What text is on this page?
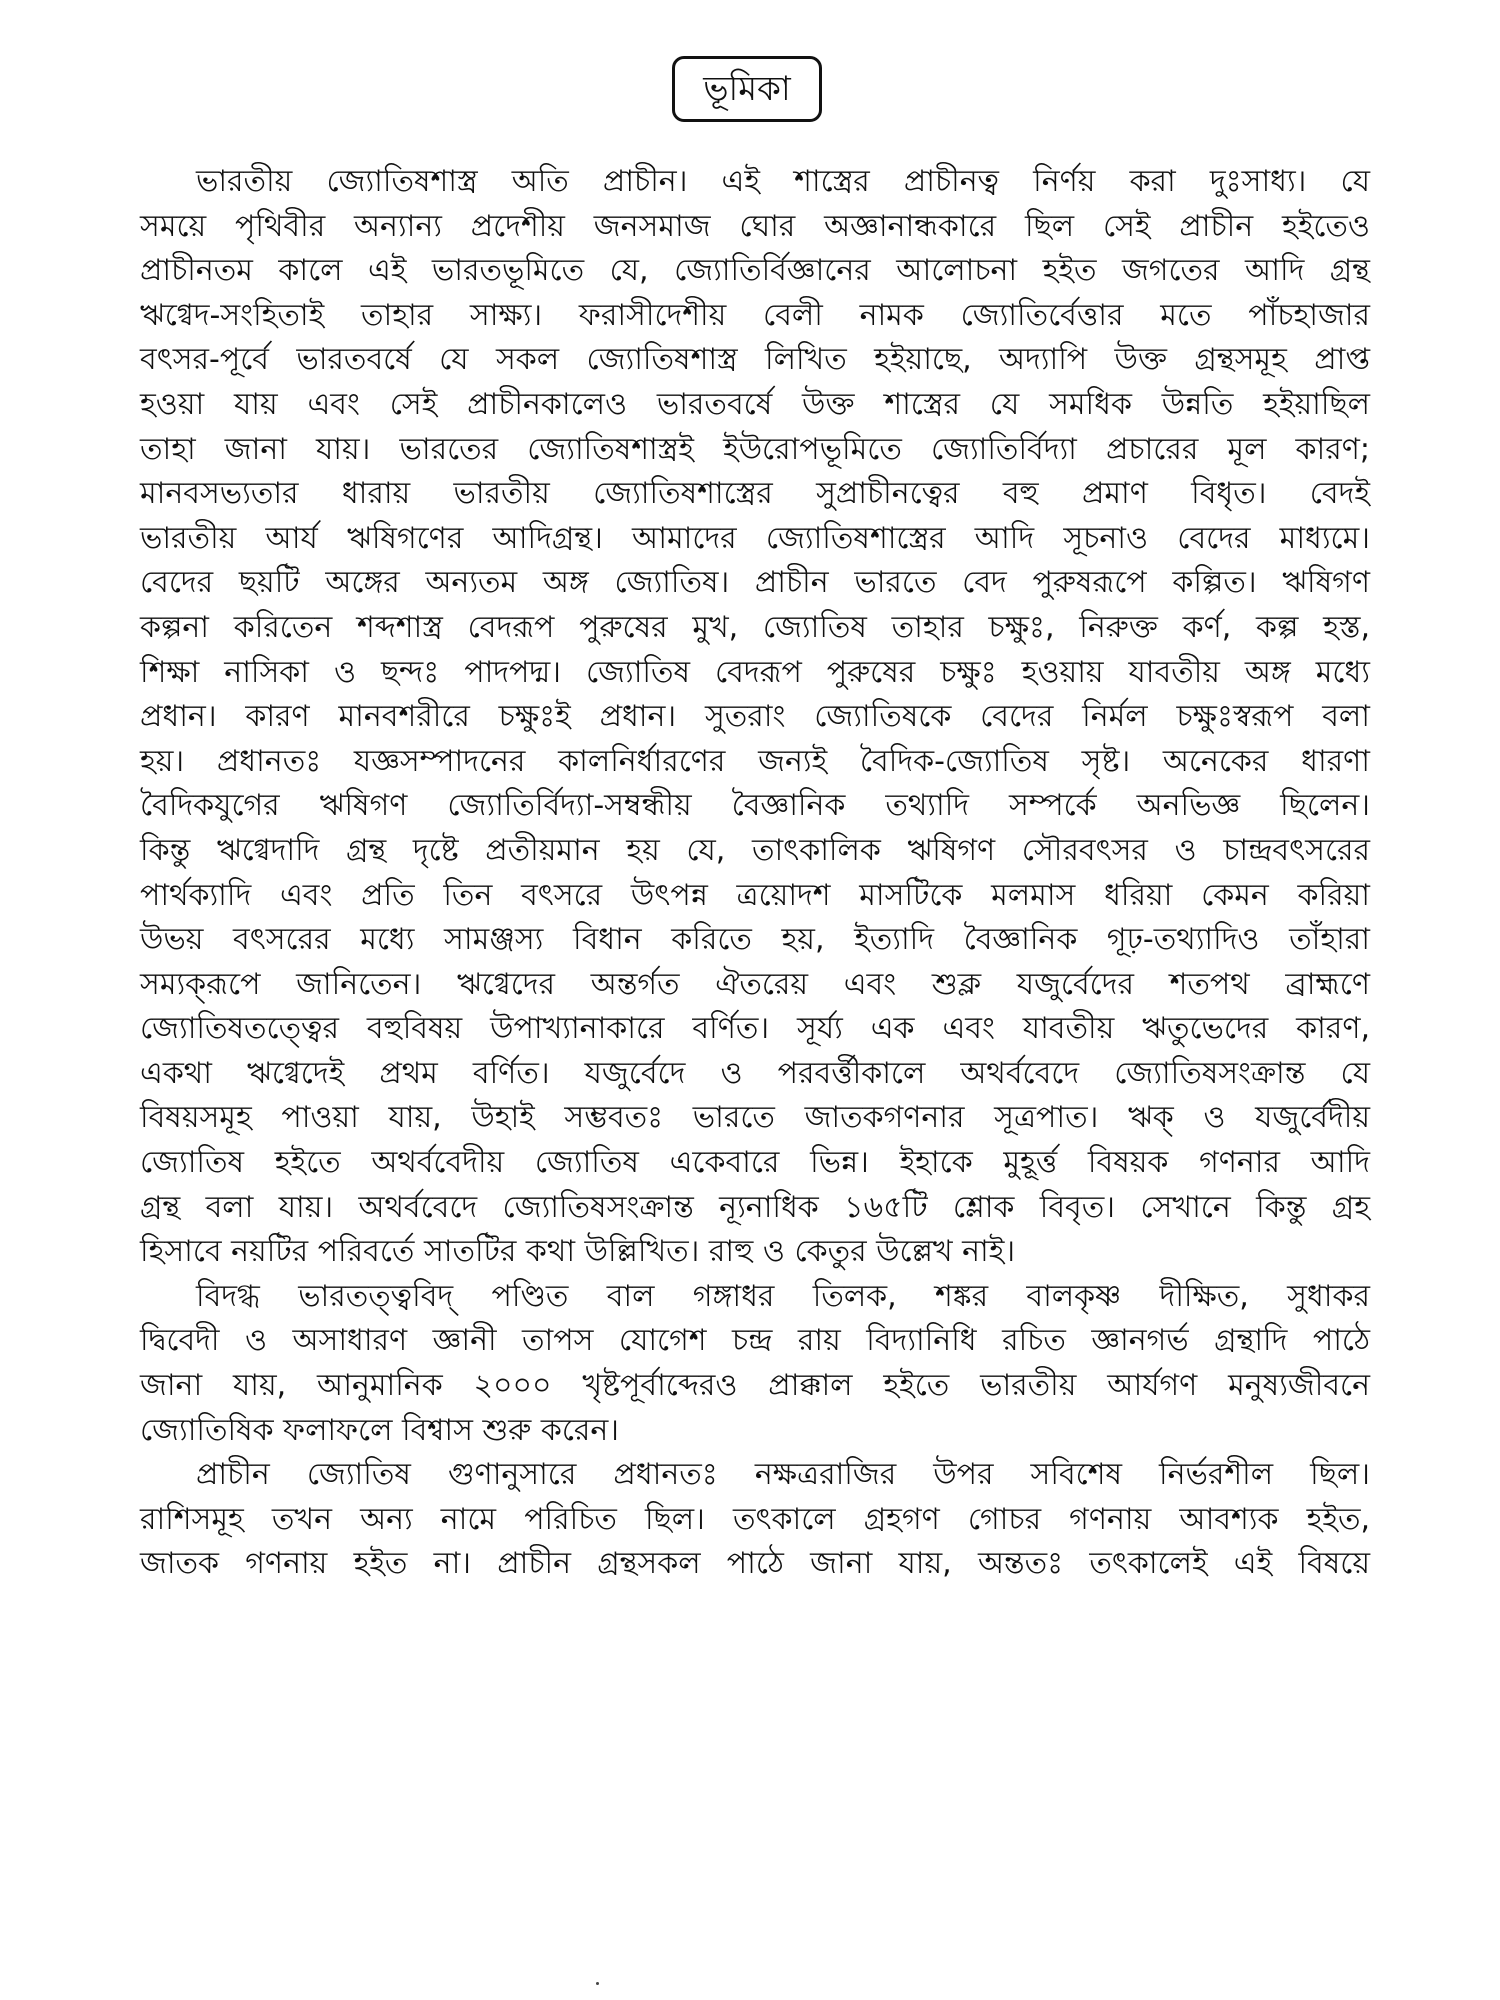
ভূমিকা
ভারতীয় জ্যোতিষশাস্ত্র অতি প্রাচীন। এই শাস্ত্রের প্রাচীনত্ব নির্ণয় করা দুঃসাধ্য। যে
সময়ে পৃথিবীর অন্যান্য প্রদেশীয় জনসমাজ ঘোর অজ্ঞানান্ধকারে ছিল সেই প্রাচীন হইতেও
প্রাচীনতম কালে এই ভারতভূমিতে যে, জ্যোতির্বিজ্ঞানের আলোচনা হইত জগতের আদি গ্রন্থ
ঋগ্বেদ-সংহিতাই তাহার সাক্ষ্য। ফরাসীদেশীয় বেলী নামক জ্যোতির্বেত্তার মতে পাঁচহাজার
বৎসর-পূর্বে ভারতবর্ষে যে সকল জ্যোতিষশাস্ত্র লিখিত হইয়াছে, অদ্যাপি উক্ত গ্রন্থসমূহ প্রাপ্ত
হওয়া যায় এবং সেই প্রাচীনকালেও ভারতবর্ষে উক্ত শাস্ত্রের যে সমধিক উন্নতি হইয়াছিল
তাহা জানা যায়। ভারতের জ্যোতিষশাস্ত্রই ইউরোপভূমিতে জ্যোতির্বিদ্যা প্রচারের মূল কারণ;
মানবসভ্যতার ধারায় ভারতীয় জ্যোতিষশাস্ত্রের সুপ্রাচীনত্বের বহু প্রমাণ বিধৃত। বেদই
ভারতীয় আর্য ঋষিগণের আদিগ্রন্থ। আমাদের জ্যোতিষশাস্ত্রের আদি সূচনাও বেদের মাধ্যমে।
বেদের ছয়টি অঙ্গের অন্যতম অঙ্গ জ্যোতিষ। প্রাচীন ভারতে বেদ পুরুষরূপে কল্পিত। ঋষিগণ
কল্পনা করিতেন শব্দশাস্ত্র বেদরূপ পুরুষের মুখ, জ্যোতিষ তাহার চক্ষুঃ, নিরুক্ত কর্ণ, কল্প হস্ত,
শিক্ষা নাসিকা ও ছন্দঃ পাদপদ্ম। জ্যোতিষ বেদরূপ পুরুষের চক্ষুঃ হওয়ায় যাবতীয় অঙ্গ মধ্যে
প্রধান। কারণ মানবশরীরে চক্ষুঃই প্রধান। সুতরাং জ্যোতিষকে বেদের নির্মল চক্ষুঃস্বরূপ বলা
হয়। প্রধানতঃ যজ্ঞসম্পাদনের কালনির্ধারণের জন্যই বৈদিক-জ্যোতিষ সৃষ্ট। অনেকের ধারণা
বৈদিকযুগের ঋষিগণ জ্যোতির্বিদ্যা-সম্বন্ধীয় বৈজ্ঞানিক তথ্যাদি সম্পর্কে অনভিজ্ঞ ছিলেন।
কিন্তু ঋগ্বেদাদি গ্রন্থ দৃষ্টে প্রতীয়মান হয় যে, তাৎকালিক ঋষিগণ সৌরবৎসর ও চান্দ্রবৎসরের
পার্থক্যাদি এবং প্রতি তিন বৎসরে উৎপন্ন ত্রয়োদশ মাসটিকে মলমাস ধরিয়া কেমন করিয়া
উভয় বৎসরের মধ্যে সামঞ্জস্য বিধান করিতে হয়, ইত্যাদি বৈজ্ঞানিক গূঢ়-তথ্যাদিও তাঁহারা
সম্যক্‌রূপে জানিতেন। ঋগ্বেদের অন্তর্গত ঐতরেয় এবং শুক্ল যজুর্বেদের শতপথ ব্রাহ্মণে
জ্যোতিষতত্ত্বের বহুবিষয় উপাখ্যানাকারে বর্ণিত। সূর্য্য এক এবং যাবতীয় ঋতুভেদের কারণ,
একথা ঋগ্বেদেই প্রথম বর্ণিত। যজুর্বেদে ও পরবর্ত্তীকালে অথর্ববেদে জ্যোতিষসংক্রান্ত যে
বিষয়সমূহ পাওয়া যায়, উহাই সম্ভবতঃ ভারতে জাতকগণনার সূত্রপাত। ঋক্‌ ও যজুর্বেদীয়
জ্যোতিষ হইতে অথর্ববেদীয় জ্যোতিষ একেবারে ভিন্ন। ইহাকে মুহূর্ত্ত বিষয়ক গণনার আদি
গ্রন্থ বলা যায়। অথর্ববেদে জ্যোতিষসংক্রান্ত ন্যূনাধিক ১৬৫টি শ্লোক বিবৃত। সেখানে কিন্তু গ্রহ
হিসাবে নয়টির পরিবর্তে সাতটির কথা উল্লিখিত। রাহু ও কেতুর উল্লেখ নাই।
বিদগ্ধ ভারতত্ত্ববিদ্‌ পণ্ডিত বাল গঙ্গাধর তিলক, শঙ্কর বালকৃষ্ণ দীক্ষিত, সুধাকর
দ্বিবেদী ও অসাধারণ জ্ঞানী তাপস যোগেশ চন্দ্র রায় বিদ্যানিধি রচিত জ্ঞানগর্ভ গ্রন্থাদি পাঠে
জানা যায়, আনুমানিক ২০০০ খৃষ্টপূর্বাব্দেরও প্রাক্কাল হইতে ভারতীয় আর্যগণ মনুষ্যজীবনে
জ্যোতিষিক ফলাফলে বিশ্বাস শুরু করেন।
প্রাচীন জ্যোতিষ গুণানুসারে প্রধানতঃ নক্ষত্ররাজির উপর সবিশেষ নির্ভরশীল ছিল।
রাশিসমূহ তখন অন্য নামে পরিচিত ছিল। তৎকালে গ্রহগণ গোচর গণনায় আবশ্যক হইত,
জাতক গণনায় হইত না। প্রাচীন গ্রন্থসকল পাঠে জানা যায়, অন্ততঃ তৎকালেই এই বিষয়ে
